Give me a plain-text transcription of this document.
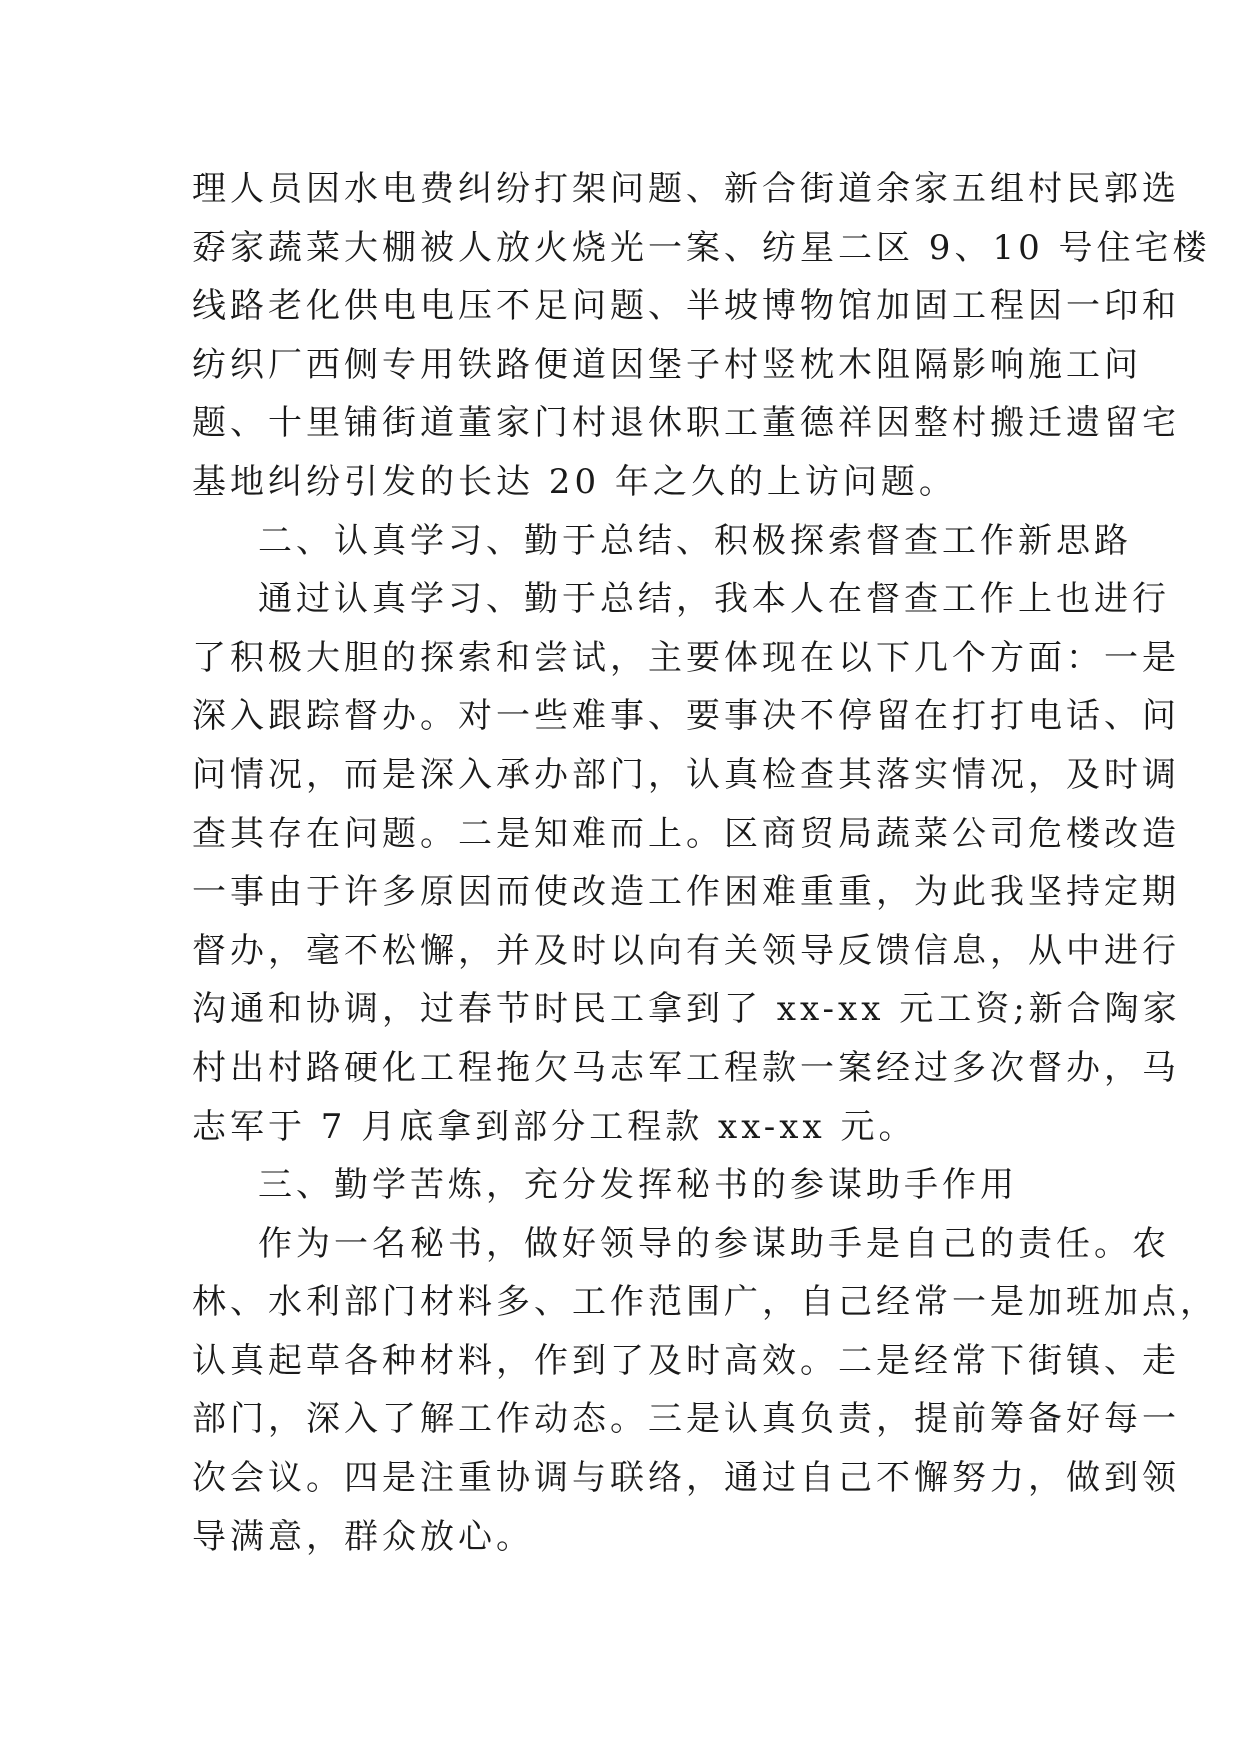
理人员因水电费纠纷打架问题、新合街道余家五组村民郭选
孬家蔬菜大棚被人放火烧光一案、纺星二区 9、10 号住宅楼
线路老化供电电压不足问题、半坡博物馆加固工程因一印和
纺织厂西侧专用铁路便道因堡子村竖枕木阻隔影响施工问
题、十里铺街道董家门村退休职工董德祥因整村搬迁遗留宅
基地纠纷引发的长达 20 年之久的上访问题。
二、认真学习、勤于总结、积极探索督查工作新思路
通过认真学习、勤于总结，我本人在督查工作上也进行
了积极大胆的探索和尝试，主要体现在以下几个方面：一是
深入跟踪督办。对一些难事、要事决不停留在打打电话、问
问情况，而是深入承办部门，认真检查其落实情况，及时调
查其存在问题。二是知难而上。区商贸局蔬菜公司危楼改造
一事由于许多原因而使改造工作困难重重，为此我坚持定期
督办，毫不松懈，并及时以向有关领导反馈信息，从中进行
沟通和协调，过春节时民工拿到了 xx-xx 元工资;新合陶家
村出村路硬化工程拖欠马志军工程款一案经过多次督办，马
志军于 7 月底拿到部分工程款 xx-xx 元。
三、勤学苦炼，充分发挥秘书的参谋助手作用
作为一名秘书，做好领导的参谋助手是自己的责任。农
林、水利部门材料多、工作范围广，自己经常一是加班加点，
认真起草各种材料，作到了及时高效。二是经常下街镇、走
部门，深入了解工作动态。三是认真负责，提前筹备好每一
次会议。四是注重协调与联络，通过自己不懈努力，做到领
导满意，群众放心。
